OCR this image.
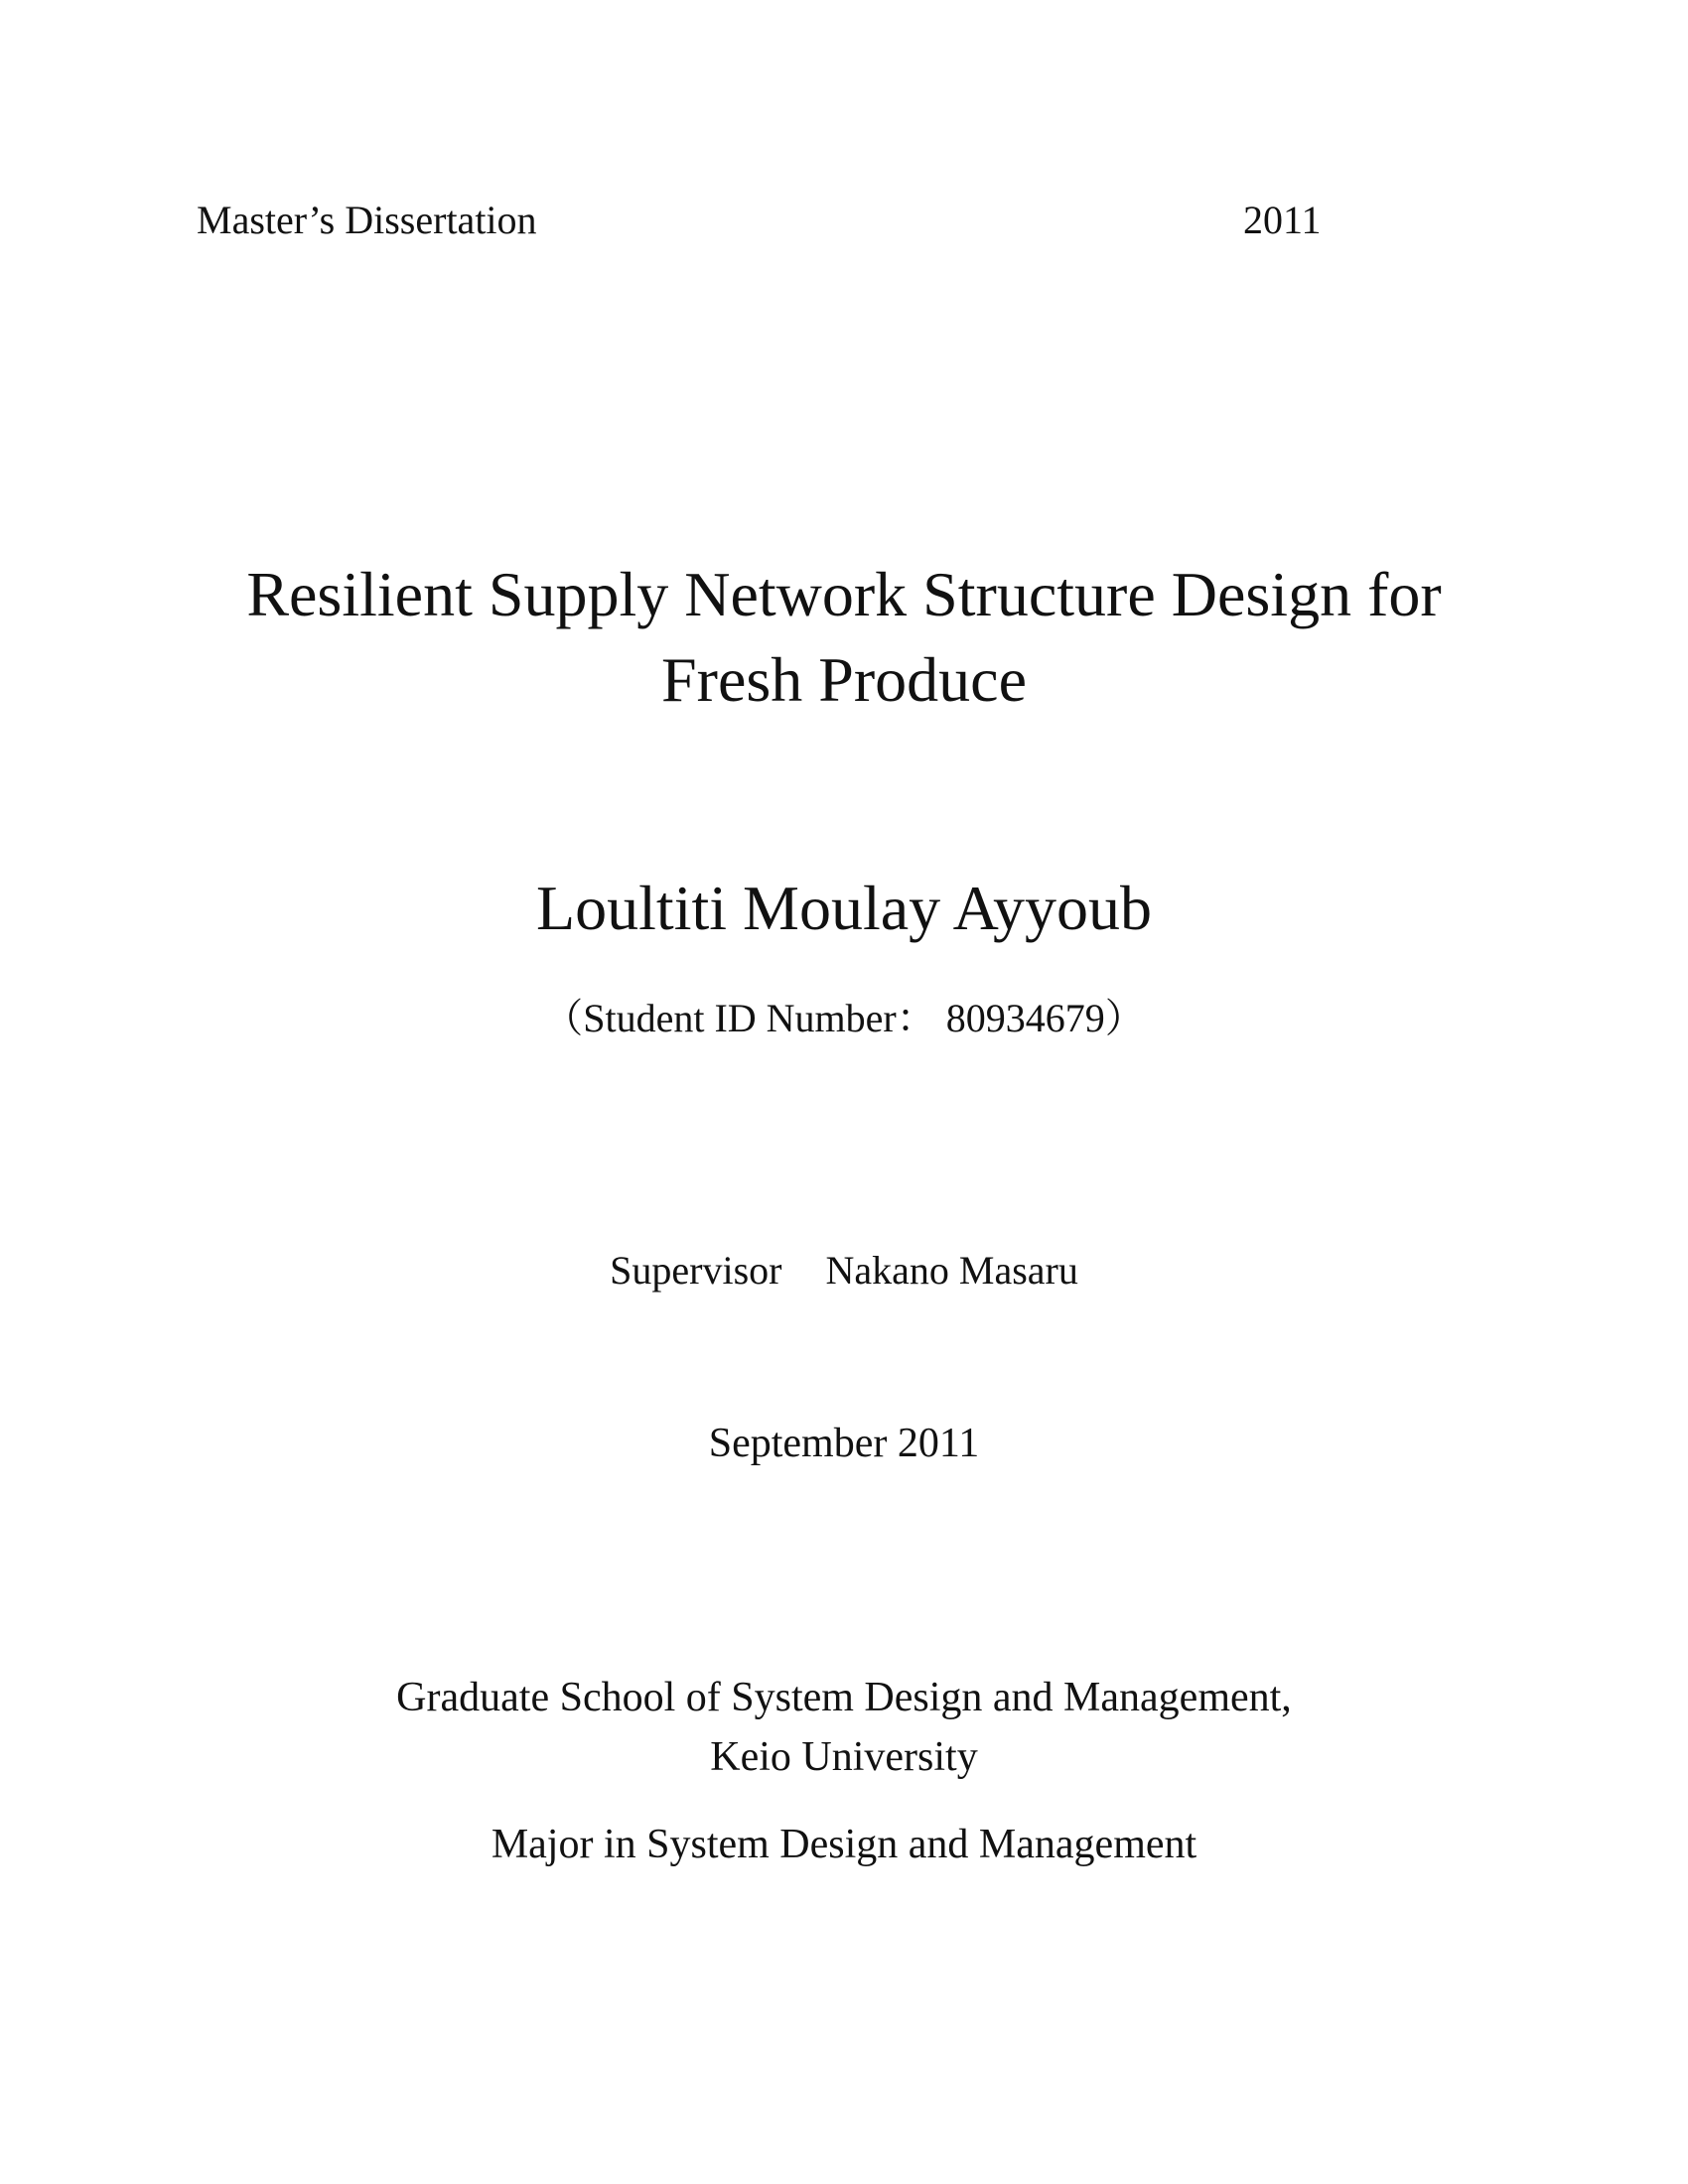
Master’s Dissertation	2011
Resilient Supply Network Structure Design for
Fresh Produce
Loultiti Moulay Ayyoub
（Student ID Number： 80934679）
Supervisor Nakano Masaru
September 2011
Graduate School of System Design and Management,
Keio University
Major in System Design and Management
